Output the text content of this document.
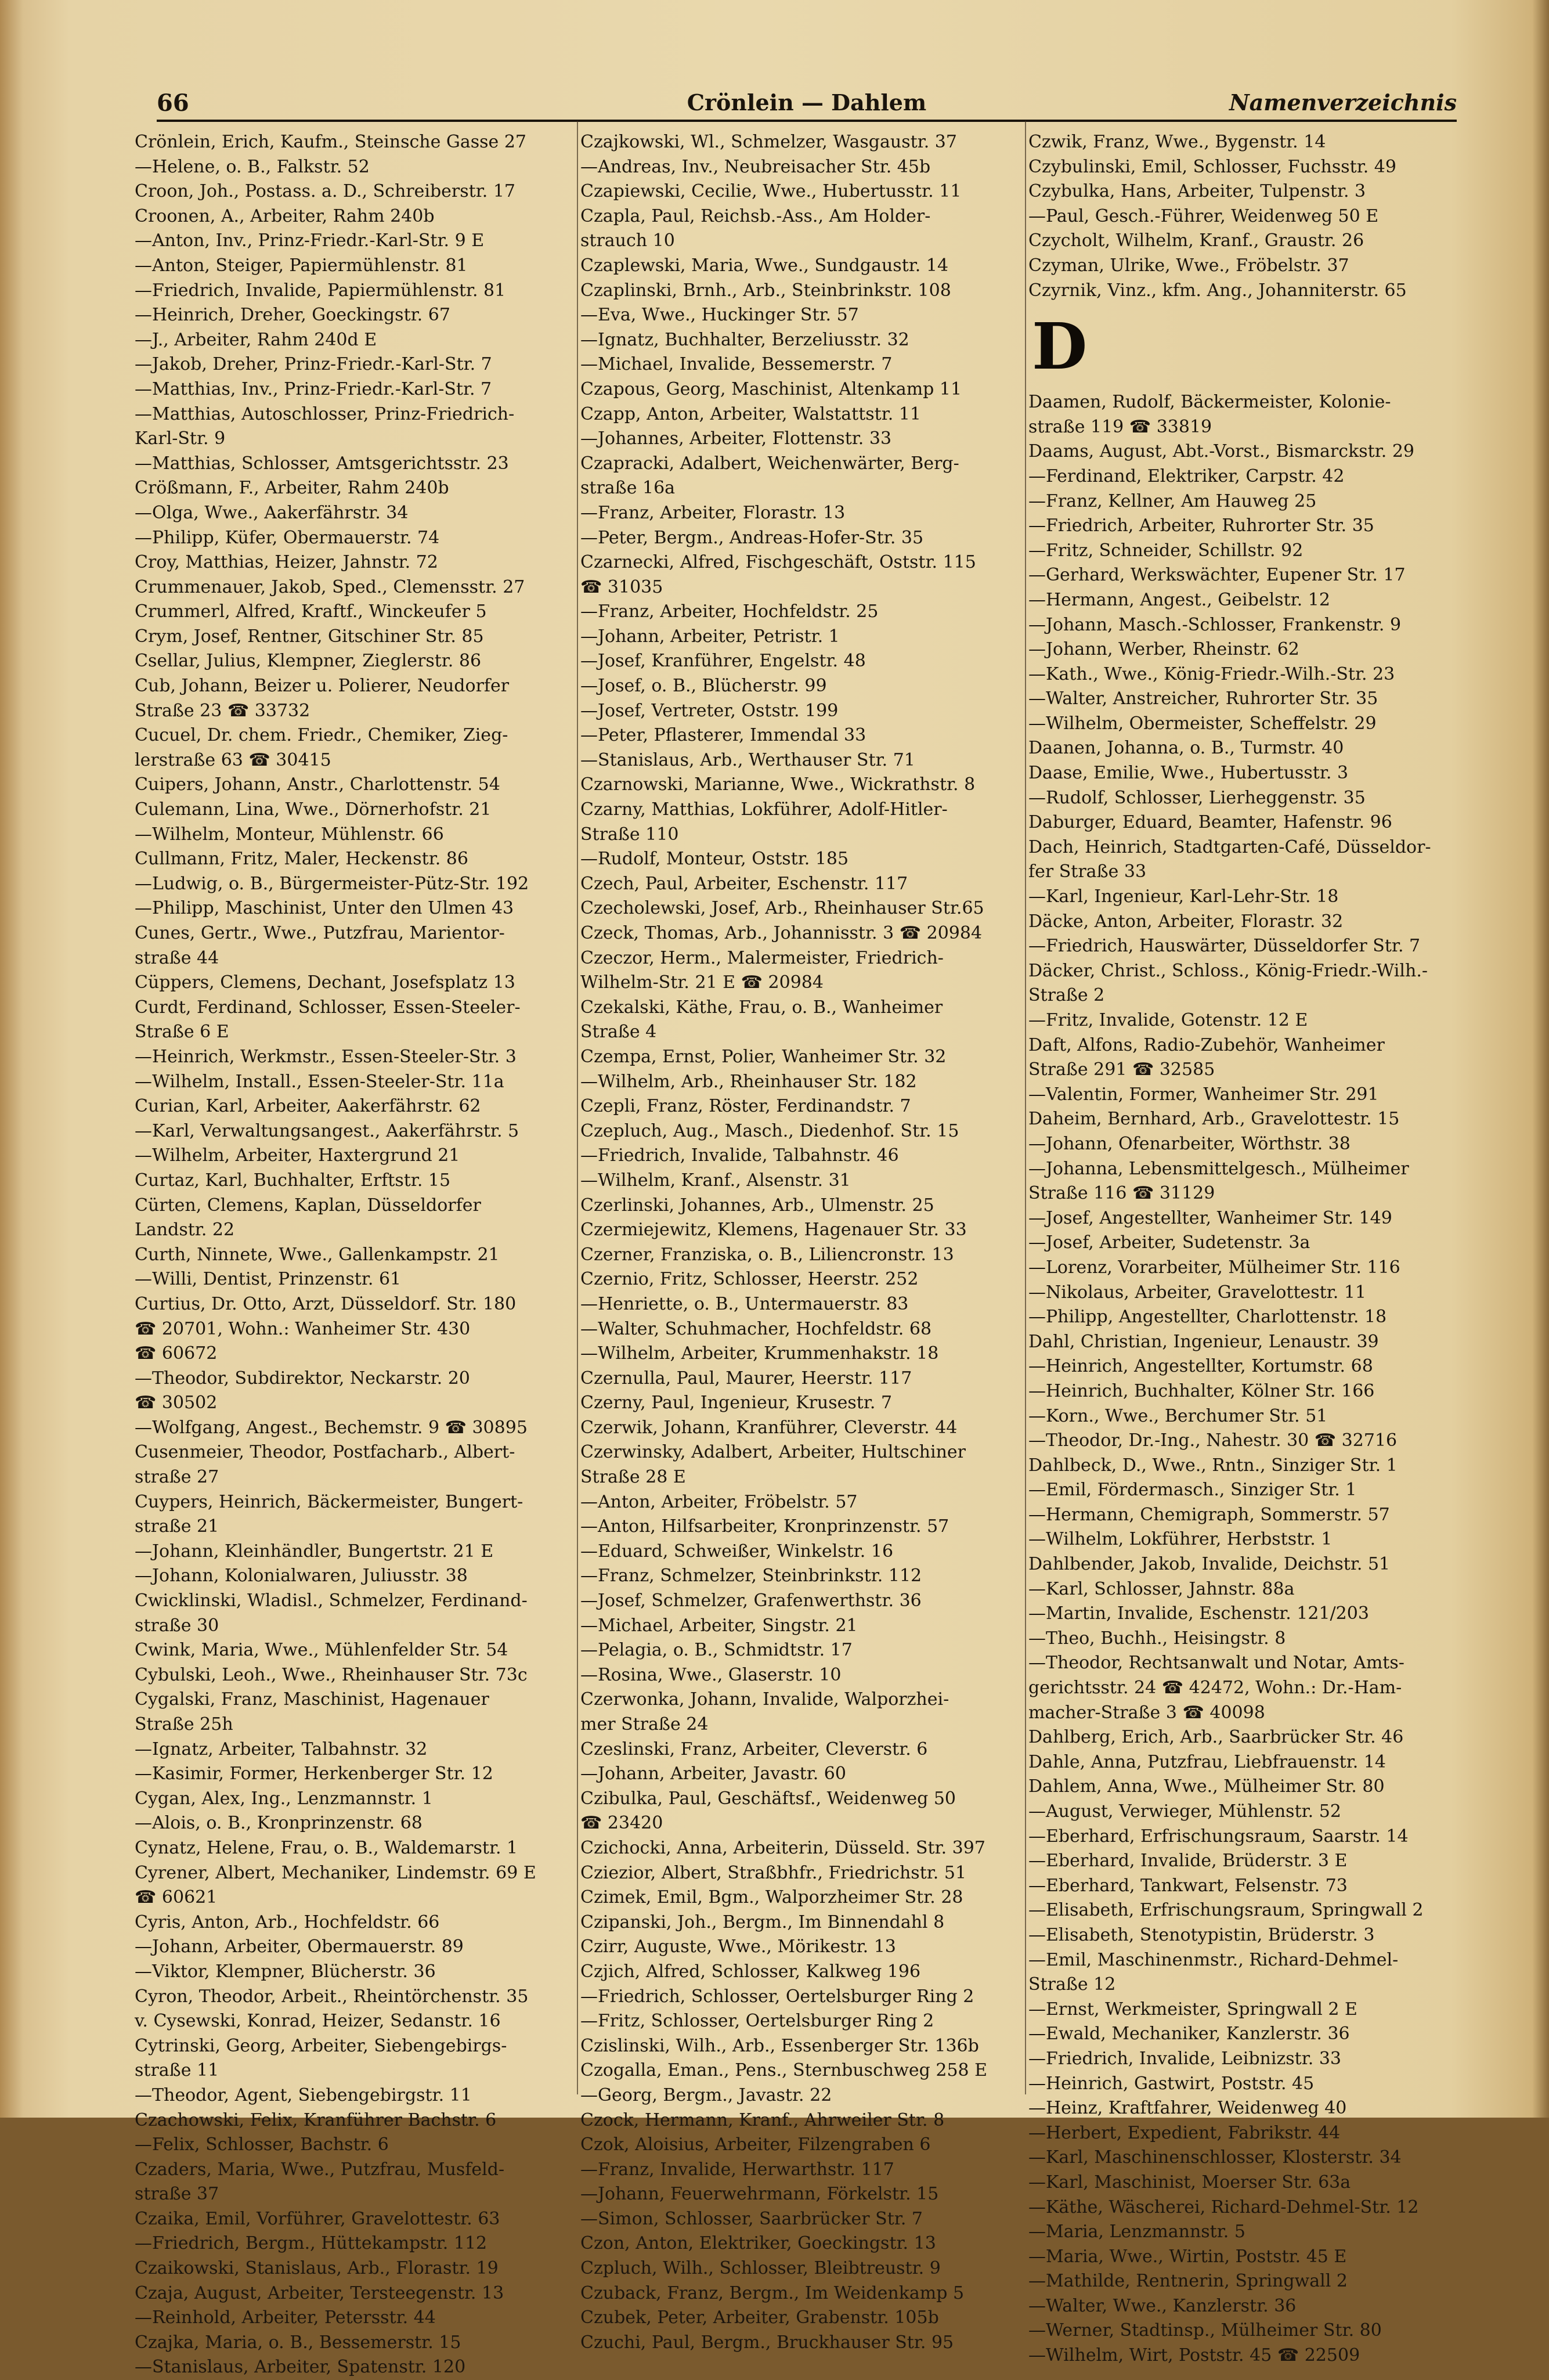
66	Crönlein — Dahlem	Namenverzeichnis
Crönlein, Erich, Kaufm., Steinsche Gasse 27
—Helene, o. B., Falkstr. 52
Croon, Joh., Postass. a. D., Schreiberstr. 17
Croonen, A., Arbeiter, Rahm 240b
—Anton, Inv., Prinz-Friedr.-Karl-Str. 9 E
—Anton, Steiger, Papiermühlenstr. 81
—Friedrich, Invalide, Papiermühlenstr. 81
—Heinrich, Dreher, Goeckingstr. 67
—J., Arbeiter, Rahm 240d E
—Jakob, Dreher, Prinz-Friedr.-Karl-Str. 7
—Matthias, Inv., Prinz-Friedr.-Karl-Str. 7
—Matthias, Autoschlosser, Prinz-Friedrich-
Karl-Str. 9
—Matthias, Schlosser, Amtsgerichtsstr. 23
Crößmann, F., Arbeiter, Rahm 240b
—Olga, Wwe., Aakerfährstr. 34
—Philipp, Küfer, Obermauerstr. 74
Croy, Matthias, Heizer, Jahnstr. 72
Crummenauer, Jakob, Sped., Clemensstr. 27
Crummerl, Alfred, Kraftf., Winckeufer 5
Crym, Josef, Rentner, Gitschiner Str. 85
Csellar, Julius, Klempner, Zieglerstr. 86
Cub, Johann, Beizer u. Polierer, Neudorfer
Straße 23 ☎ 33732
Cucuel, Dr. chem. Friedr., Chemiker, Zieg-
lerstraße 63 ☎ 30415
Cuipers, Johann, Anstr., Charlottenstr. 54
Culemann, Lina, Wwe., Dörnerhofstr. 21
—Wilhelm, Monteur, Mühlenstr. 66
Cullmann, Fritz, Maler, Heckenstr. 86
—Ludwig, o. B., Bürgermeister-Pütz-Str. 192
—Philipp, Maschinist, Unter den Ulmen 43
Cunes, Gertr., Wwe., Putzfrau, Marientor-
straße 44
Cüppers, Clemens, Dechant, Josefsplatz 13
Curdt, Ferdinand, Schlosser, Essen-Steeler-
Straße 6 E
—Heinrich, Werkmstr., Essen-Steeler-Str. 3
—Wilhelm, Install., Essen-Steeler-Str. 11a
Curian, Karl, Arbeiter, Aakerfährstr. 62
—Karl, Verwaltungsangest., Aakerfährstr. 5
—Wilhelm, Arbeiter, Haxtergrund 21
Curtaz, Karl, Buchhalter, Erftstr. 15
Cürten, Clemens, Kaplan, Düsseldorfer
Landstr. 22
Curth, Ninnete, Wwe., Gallenkampstr. 21
—Willi, Dentist, Prinzenstr. 61
Curtius, Dr. Otto, Arzt, Düsseldorf. Str. 180
☎ 20701, Wohn.: Wanheimer Str. 430
☎ 60672
—Theodor, Subdirektor, Neckarstr. 20
☎ 30502
—Wolfgang, Angest., Bechemstr. 9 ☎ 30895
Cusenmeier, Theodor, Postfacharb., Albert-
straße 27
Cuypers, Heinrich, Bäckermeister, Bungert-
straße 21
—Johann, Kleinhändler, Bungertstr. 21 E
—Johann, Kolonialwaren, Juliusstr. 38
Cwicklinski, Wladisl., Schmelzer, Ferdinand-
straße 30
Cwink, Maria, Wwe., Mühlenfelder Str. 54
Cybulski, Leoh., Wwe., Rheinhauser Str. 73c
Cygalski, Franz, Maschinist, Hagenauer
Straße 25h
—Ignatz, Arbeiter, Talbahnstr. 32
—Kasimir, Former, Herkenberger Str. 12
Cygan, Alex, Ing., Lenzmannstr. 1
—Alois, o. B., Kronprinzenstr. 68
Cynatz, Helene, Frau, o. B., Waldemarstr. 1
Cyrener, Albert, Mechaniker, Lindemstr. 69 E
☎ 60621
Cyris, Anton, Arb., Hochfeldstr. 66
—Johann, Arbeiter, Obermauerstr. 89
—Viktor, Klempner, Blücherstr. 36
Cyron, Theodor, Arbeit., Rheintörchenstr. 35
v. Cysewski, Konrad, Heizer, Sedanstr. 16
Cytrinski, Georg, Arbeiter, Siebengebirgs-
straße 11
—Theodor, Agent, Siebengebirgstr. 11
Czachowski, Felix, Kranführer Bachstr. 6
—Felix, Schlosser, Bachstr. 6
Czaders, Maria, Wwe., Putzfrau, Musfeld-
straße 37
Czaika, Emil, Vorführer, Gravelottestr. 63
—Friedrich, Bergm., Hüttekampstr. 112
Czaikowski, Stanislaus, Arb., Florastr. 19
Czaja, August, Arbeiter, Tersteegenstr. 13
—Reinhold, Arbeiter, Petersstr. 44
Czajka, Maria, o. B., Bessemerstr. 15
—Stanislaus, Arbeiter, Spatenstr. 120
Czajkowski, Wl., Schmelzer, Wasgaustr. 37
—Andreas, Inv., Neubreisacher Str. 45b
Czapiewski, Cecilie, Wwe., Hubertusstr. 11
Czapla, Paul, Reichsb.-Ass., Am Holder-
strauch 10
Czaplewski, Maria, Wwe., Sundgaustr. 14
Czaplinski, Brnh., Arb., Steinbrinkstr. 108
—Eva, Wwe., Huckinger Str. 57
—Ignatz, Buchhalter, Berzeliusstr. 32
—Michael, Invalide, Bessemerstr. 7
Czapous, Georg, Maschinist, Altenkamp 11
Czapp, Anton, Arbeiter, Walstattstr. 11
—Johannes, Arbeiter, Flottenstr. 33
Czapracki, Adalbert, Weichenwärter, Berg-
straße 16a
—Franz, Arbeiter, Florastr. 13
—Peter, Bergm., Andreas-Hofer-Str. 35
Czarnecki, Alfred, Fischgeschäft, Oststr. 115
☎ 31035
—Franz, Arbeiter, Hochfeldstr. 25
—Johann, Arbeiter, Petristr. 1
—Josef, Kranführer, Engelstr. 48
—Josef, o. B., Blücherstr. 99
—Josef, Vertreter, Oststr. 199
—Peter, Pflasterer, Immendal 33
—Stanislaus, Arb., Werthauser Str. 71
Czarnowski, Marianne, Wwe., Wickrathstr. 8
Czarny, Matthias, Lokführer, Adolf-Hitler-
Straße 110
—Rudolf, Monteur, Oststr. 185
Czech, Paul, Arbeiter, Eschenstr. 117
Czecholewski, Josef, Arb., Rheinhauser Str.65
Czeck, Thomas, Arb., Johannisstr. 3 ☎ 20984
Czeczor, Herm., Malermeister, Friedrich-
Wilhelm-Str. 21 E ☎ 20984
Czekalski, Käthe, Frau, o. B., Wanheimer
Straße 4
Czempa, Ernst, Polier, Wanheimer Str. 32
—Wilhelm, Arb., Rheinhauser Str. 182
Czepli, Franz, Röster, Ferdinandstr. 7
Czepluch, Aug., Masch., Diedenhof. Str. 15
—Friedrich, Invalide, Talbahnstr. 46
—Wilhelm, Kranf., Alsenstr. 31
Czerlinski, Johannes, Arb., Ulmenstr. 25
Czermiejewitz, Klemens, Hagenauer Str. 33
Czerner, Franziska, o. B., Liliencronstr. 13
Czernio, Fritz, Schlosser, Heerstr. 252
—Henriette, o. B., Untermauerstr. 83
—Walter, Schuhmacher, Hochfeldstr. 68
—Wilhelm, Arbeiter, Krummenhakstr. 18
Czernulla, Paul, Maurer, Heerstr. 117
Czerny, Paul, Ingenieur, Krusestr. 7
Czerwik, Johann, Kranführer, Cleverstr. 44
Czerwinsky, Adalbert, Arbeiter, Hultschiner
Straße 28 E
—Anton, Arbeiter, Fröbelstr. 57
—Anton, Hilfsarbeiter, Kronprinzenstr. 57
—Eduard, Schweißer, Winkelstr. 16
—Franz, Schmelzer, Steinbrinkstr. 112
—Josef, Schmelzer, Grafenwerthstr. 36
—Michael, Arbeiter, Singstr. 21
—Pelagia, o. B., Schmidtstr. 17
—Rosina, Wwe., Glaserstr. 10
Czerwonka, Johann, Invalide, Walporzhei-
mer Straße 24
Czeslinski, Franz, Arbeiter, Cleverstr. 6
—Johann, Arbeiter, Javastr. 60
Czibulka, Paul, Geschäftsf., Weidenweg 50
☎ 23420
Czichocki, Anna, Arbeiterin, Düsseld. Str. 397
Cziezior, Albert, Straßbhfr., Friedrichstr. 51
Czimek, Emil, Bgm., Walporzheimer Str. 28
Czipanski, Joh., Bergm., Im Binnendahl 8
Czirr, Auguste, Wwe., Mörikestr. 13
Czjich, Alfred, Schlosser, Kalkweg 196
—Friedrich, Schlosser, Oertelsburger Ring 2
—Fritz, Schlosser, Oertelsburger Ring 2
Czislinski, Wilh., Arb., Essenberger Str. 136b
Czogalla, Eman., Pens., Sternbuschweg 258 E
—Georg, Bergm., Javastr. 22
Czock, Hermann, Kranf., Ahrweiler Str. 8
Czok, Aloisius, Arbeiter, Filzengraben 6
—Franz, Invalide, Herwarthstr. 117
—Johann, Feuerwehrmann, Förkelstr. 15
—Simon, Schlosser, Saarbrücker Str. 7
Czon, Anton, Elektriker, Goeckingstr. 13
Czpluch, Wilh., Schlosser, Bleibtreustr. 9
Czuback, Franz, Bergm., Im Weidenkamp 5
Czubek, Peter, Arbeiter, Grabenstr. 105b
Czuchi, Paul, Bergm., Bruckhauser Str. 95
Czwik, Franz, Wwe., Bygenstr. 14
Czybulinski, Emil, Schlosser, Fuchsstr. 49
Czybulka, Hans, Arbeiter, Tulpenstr. 3
—Paul, Gesch.-Führer, Weidenweg 50 E
Czycholt, Wilhelm, Kranf., Graustr. 26
Czyman, Ulrike, Wwe., Fröbelstr. 37
Czyrnik, Vinz., kfm. Ang., Johanniterstr. 65
D
Daamen, Rudolf, Bäckermeister, Kolonie-
straße 119 ☎ 33819
Daams, August, Abt.-Vorst., Bismarckstr. 29
—Ferdinand, Elektriker, Carpstr. 42
—Franz, Kellner, Am Hauweg 25
—Friedrich, Arbeiter, Ruhrorter Str. 35
—Fritz, Schneider, Schillstr. 92
—Gerhard, Werkswächter, Eupener Str. 17
—Hermann, Angest., Geibelstr. 12
—Johann, Masch.-Schlosser, Frankenstr. 9
—Johann, Werber, Rheinstr. 62
—Kath., Wwe., König-Friedr.-Wilh.-Str. 23
—Walter, Anstreicher, Ruhrorter Str. 35
—Wilhelm, Obermeister, Scheffelstr. 29
Daanen, Johanna, o. B., Turmstr. 40
Daase, Emilie, Wwe., Hubertusstr. 3
—Rudolf, Schlosser, Lierheggenstr. 35
Daburger, Eduard, Beamter, Hafenstr. 96
Dach, Heinrich, Stadtgarten-Café, Düsseldor-
fer Straße 33
—Karl, Ingenieur, Karl-Lehr-Str. 18
Däcke, Anton, Arbeiter, Florastr. 32
—Friedrich, Hauswärter, Düsseldorfer Str. 7
Däcker, Christ., Schloss., König-Friedr.-Wilh.-
Straße 2
—Fritz, Invalide, Gotenstr. 12 E
Daft, Alfons, Radio-Zubehör, Wanheimer
Straße 291 ☎ 32585
—Valentin, Former, Wanheimer Str. 291
Daheim, Bernhard, Arb., Gravelottestr. 15
—Johann, Ofenarbeiter, Wörthstr. 38
—Johanna, Lebensmittelgesch., Mülheimer
Straße 116 ☎ 31129
—Josef, Angestellter, Wanheimer Str. 149
—Josef, Arbeiter, Sudetenstr. 3a
—Lorenz, Vorarbeiter, Mülheimer Str. 116
—Nikolaus, Arbeiter, Gravelottestr. 11
—Philipp, Angestellter, Charlottenstr. 18
Dahl, Christian, Ingenieur, Lenaustr. 39
—Heinrich, Angestellter, Kortumstr. 68
—Heinrich, Buchhalter, Kölner Str. 166
—Korn., Wwe., Berchumer Str. 51
—Theodor, Dr.-Ing., Nahestr. 30 ☎ 32716
Dahlbeck, D., Wwe., Rntn., Sinziger Str. 1
—Emil, Fördermasch., Sinziger Str. 1
—Hermann, Chemigraph, Sommerstr. 57
—Wilhelm, Lokführer, Herbststr. 1
Dahlbender, Jakob, Invalide, Deichstr. 51
—Karl, Schlosser, Jahnstr. 88a
—Martin, Invalide, Eschenstr. 121/203
—Theo, Buchh., Heisingstr. 8
—Theodor, Rechtsanwalt und Notar, Amts-
gerichtsstr. 24 ☎ 42472, Wohn.: Dr.-Ham-
macher-Straße 3 ☎ 40098
Dahlberg, Erich, Arb., Saarbrücker Str. 46
Dahle, Anna, Putzfrau, Liebfrauenstr. 14
Dahlem, Anna, Wwe., Mülheimer Str. 80
—August, Verwieger, Mühlenstr. 52
—Eberhard, Erfrischungsraum, Saarstr. 14
—Eberhard, Invalide, Brüderstr. 3 E
—Eberhard, Tankwart, Felsenstr. 73
—Elisabeth, Erfrischungsraum, Springwall 2
—Elisabeth, Stenotypistin, Brüderstr. 3
—Emil, Maschinenmstr., Richard-Dehmel-
Straße 12
—Ernst, Werkmeister, Springwall 2 E
—Ewald, Mechaniker, Kanzlerstr. 36
—Friedrich, Invalide, Leibnizstr. 33
—Heinrich, Gastwirt, Poststr. 45
—Heinz, Kraftfahrer, Weidenweg 40
—Herbert, Expedient, Fabrikstr. 44
—Karl, Maschinenschlosser, Klosterstr. 34
—Karl, Maschinist, Moerser Str. 63a
—Käthe, Wäscherei, Richard-Dehmel-Str. 12
—Maria, Lenzmannstr. 5
—Maria, Wwe., Wirtin, Poststr. 45 E
—Mathilde, Rentnerin, Springwall 2
—Walter, Wwe., Kanzlerstr. 36
—Werner, Stadtinsp., Mülheimer Str. 80
—Wilhelm, Wirt, Poststr. 45 ☎ 22509
